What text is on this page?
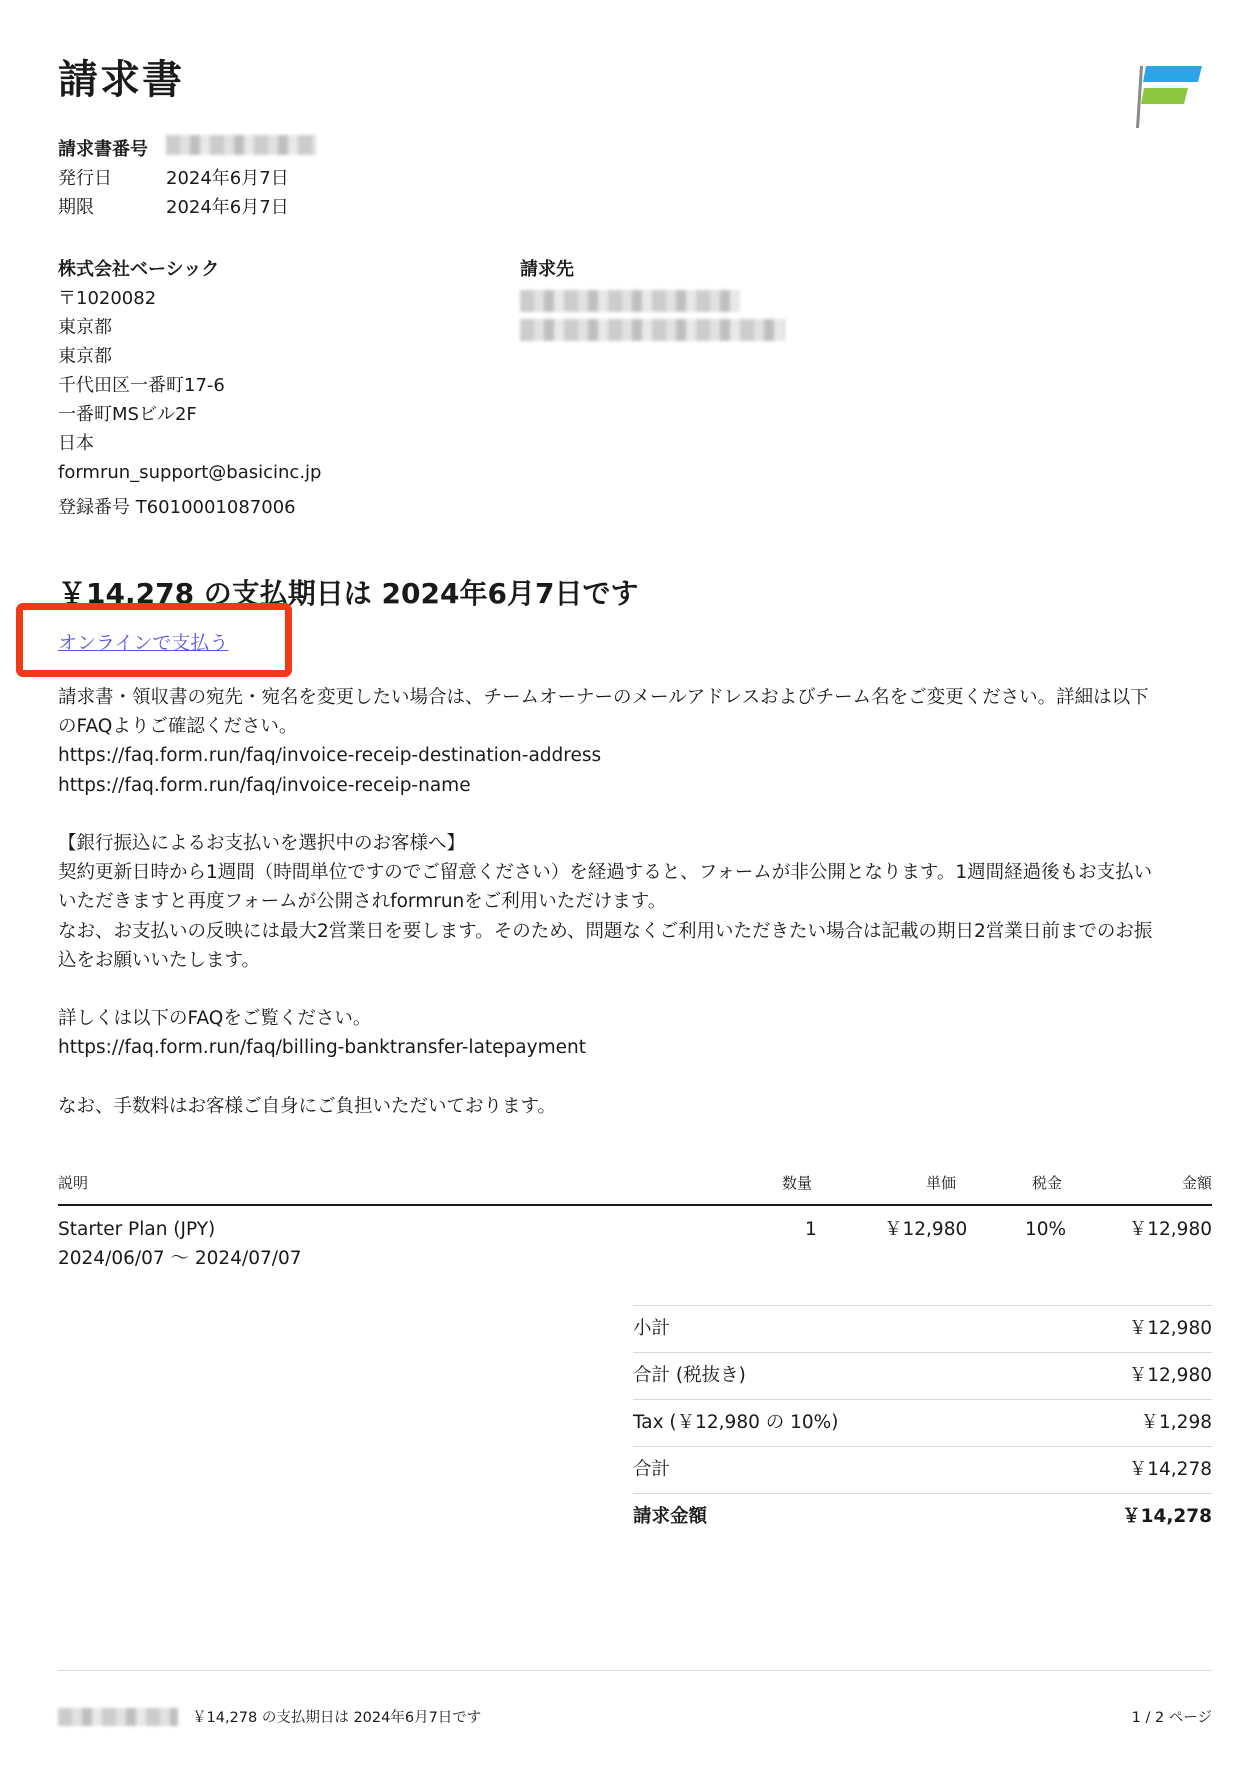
請求書
請求書番号
発行日	2024年6月7日
期限	2024年6月7日
株式会社ベーシック
〒1020082
東京都
東京都
千代田区一番町17-6
一番町MSビル2F
日本
formrun_support@basicinc.jp
登録番号 T6010001087006
請求先
￥14,278 の支払期日は 2024年6月7日です
オンラインで支払う

請求書・領収書の宛先・宛名を変更したい場合は、チームオーナーのメールアドレスおよびチーム名をご変更ください。詳細は以下

のFAQよりご確認ください。

https://faq.form.run/faq/invoice-receip-destination-address

https://faq.form.run/faq/invoice-receip-name

【銀行振込によるお支払いを選択中のお客様へ】

契約更新日時から1週間（時間単位ですのでご留意ください）を経過すると、フォームが非公開となります。1週間経過後もお支払い

いただきますと再度フォームが公開されformrunをご利用いただけます。

なお、お支払いの反映には最大2営業日を要します。そのため、問題なくご利用いただきたい場合は記載の期日2営業日前までのお振

込をお願いいたします。

詳しくは以下のFAQをご覧ください。

https://faq.form.run/faq/billing-banktransfer-latepayment

なお、手数料はお客様ご自身にご負担いただいております。

説明	数量	単価	税金	金額
Starter Plan (JPY)
2024/06/07 〜 2024/07/07
1	￥12,980	10%	￥12,980
小計	￥12,980
合計 (税抜き)	￥12,980
Tax (￥12,980 の 10%)	￥1,298
合計	￥14,278
請求金額	￥14,278
￥14,278 の支払期日は 2024年6月7日です	1 / 2 ページ
